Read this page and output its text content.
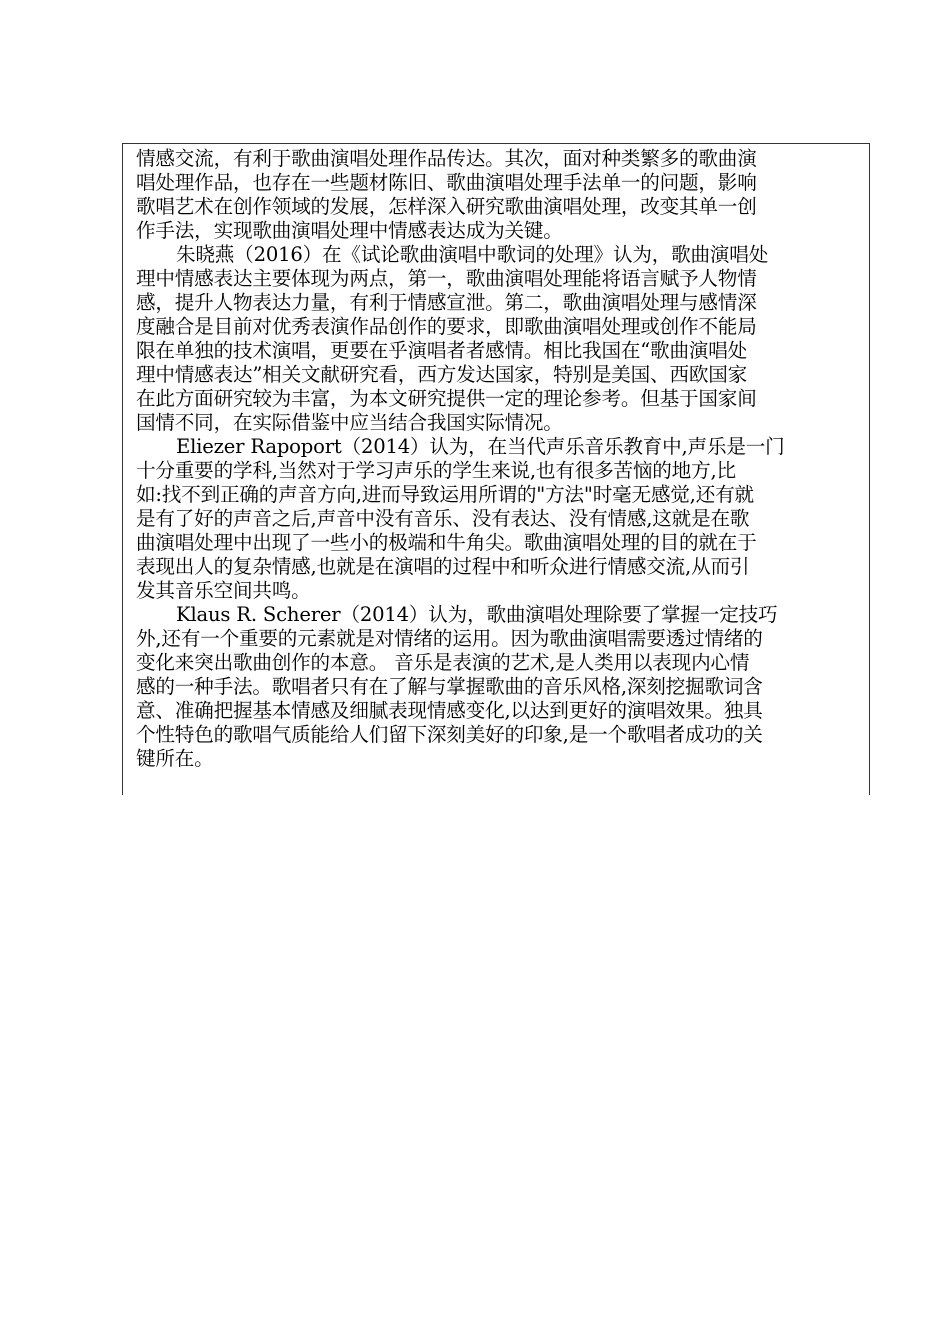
情感交流，有利于歌曲演唱处理作品传达。其次，面对种类繁多的歌曲演
唱处理作品，也存在一些题材陈旧、歌曲演唱处理手法单一的问题，影响
歌唱艺术在创作领域的发展，怎样深入研究歌曲演唱处理，改变其单一创
作手法，实现歌曲演唱处理中情感表达成为关键。
朱晓燕（2016）在《试论歌曲演唱中歌词的处理》认为，歌曲演唱处
理中情感表达主要体现为两点，第一，歌曲演唱处理能将语言赋予人物情
感，提升人物表达力量，有利于情感宣泄。第二，歌曲演唱处理与感情深
度融合是目前对优秀表演作品创作的要求，即歌曲演唱处理或创作不能局
限在单独的技术演唱，更要在乎演唱者者感情。相比我国在“歌曲演唱处
理中情感表达”相关文献研究看，西方发达国家，特别是美国、西欧国家
在此方面研究较为丰富，为本文研究提供一定的理论参考。但基于国家间
国情不同，在实际借鉴中应当结合我国实际情况。
Eliezer Rapoport（2014）认为，在当代声乐音乐教育中,声乐是一门
十分重要的学科,当然对于学习声乐的学生来说,也有很多苦恼的地方,比
如:找不到正确的声音方向,进而导致运用所谓的"方法"时毫无感觉,还有就
是有了好的声音之后,声音中没有音乐、没有表达、没有情感,这就是在歌
曲演唱处理中出现了一些小的极端和牛角尖。歌曲演唱处理的目的就在于
表现出人的复杂情感,也就是在演唱的过程中和听众进行情感交流,从而引
发其音乐空间共鸣。
Klaus R. Scherer（2014）认为，歌曲演唱处理除要了掌握一定技巧
外,还有一个重要的元素就是对情绪的运用。因为歌曲演唱需要透过情绪的
变化来突出歌曲创作的本意。 音乐是表演的艺术,是人类用以表现内心情
感的一种手法。歌唱者只有在了解与掌握歌曲的音乐风格,深刻挖掘歌词含
意、准确把握基本情感及细腻表现情感变化,以达到更好的演唱效果。独具
个性特色的歌唱气质能给人们留下深刻美好的印象,是一个歌唱者成功的关
键所在。
